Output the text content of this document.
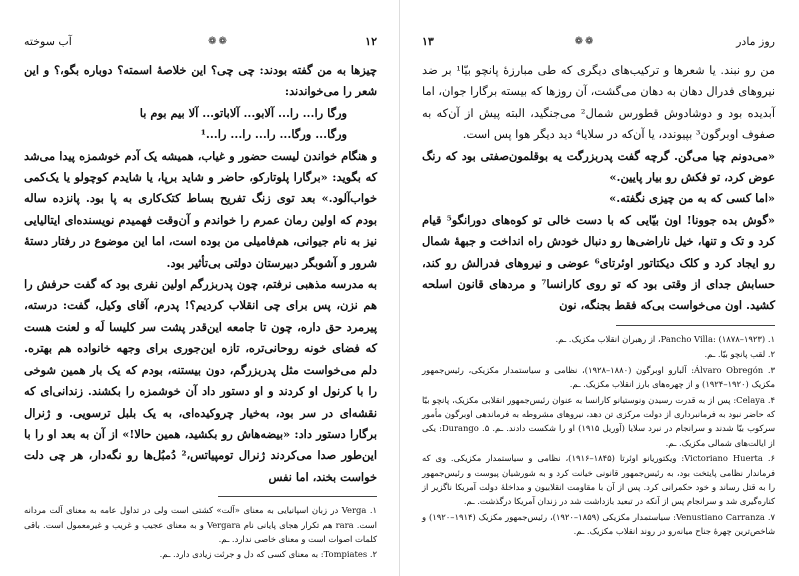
روز مادر
❁❁
۱۳

من رو نبند. یا شعرها و ترکیب‌های دیگری که طی مبارزهٔ پانچو بیّا¹ بر ضد نیروهای فدرال دهان به دهان می‌گشت، آن روزها که بیسته برگارا جوان، اما آبدیده بود و دوشادوش قطورس شمال² می‌جنگید، البته پیش از آن‌که به صفوف اوبرگون³ بپیوندد، یا آن‌که در سلایا⁴ دید دیگر هوا پس است.

«می‌دونم چیا می‌گن. گرچه گفت پدربزرگت یه بوقلمون‌صفتی بود که رنگ عوض کرد، تو فکش رو بیار پایین.»

«اما کسی که به من چیزی نگفته.»

«گوش بده جوونا! اون بیّایی که با دست خالی تو کوه‌های دورانگو⁵ قیام کرد و تک و تنها، خیل ناراضی‌ها رو دنبال خودش راه انداخت و جبههٔ شمال رو ایجاد کرد و کلک دیکتاتور اوئرتای⁶ عوضی و نیروهای فدرالش رو کند، حسابش جدای از وقتی بود که تو روی کارانسا⁷ و مردهای قانون اسلحه کشید. اون می‌خواست بی‌که فقط بجنگه، نون

۱. Pancho Villa: (۱۸۷۸–۱۹۲۳)، از رهبران انقلاب مکزیک. ـم.

۲. لقب پانچو بیّا. ـم.

۳. Álvaro Obregón: آلبارو اوبرگون (۱۸۸۰–۱۹۲۸)، نظامی و سیاستمدار مکزیکی، رئیس‌جمهور مکزیک (۱۹۲۰–۱۹۲۴) و از چهره‌های بارز انقلاب مکزیک. ـم.

۴. Celaya: پس از به قدرت رسیدن ونوستیانو کارانسا به عنوان رئیس‌جمهور انقلابی مکزیک، پانچو بیّا که حاضر نبود به فرمانبرداری از دولت مرکزی تن دهد، نیروهای مشروطه به فرماندهی اوبرگون مأمور سرکوب بیّا شدند و سرانجام در نبرد سلایا (آوریل ۱۹۱۵) او را شکست دادند. ـم. ۵. Durango: یکی از ایالت‌های شمالی مکزیک. ـم.

۶. Victoriano Huerta: ویکتوریانو اوئرتا (۱۸۴۵–۱۹۱۶)، نظامی و سیاستمدار مکزیکی. وی که فرماندار نظامی پایتخت بود، به رئیس‌جمهور قانونی خیانت کرد و به شورشیان پیوست و رئیس‌جمهور را به قتل رساند و خود حکمرانی کرد. پس از آن با مقاومت انقلابیون و مداخلهٔ دولت آمریکا ناگزیر از کناره‌گیری شد و سرانجام پس از آنکه در تبعید بازداشت شد در زندان آمریکا درگذشت. ـم.

۷. Venustiano Carranza: سیاستمدار مکزیکی (۱۸۵۹–۱۹۲۰)، رئیس‌جمهور مکزیک (۱۹۱۴–۱۹۲۰) و شاخص‌ترین چهرهٔ جناح میانه‌رو در روند انقلاب مکزیک. ـم.

۱۲
❁❁
آب سوخته

چیزها به من گفته بودند: چی چی؟ این خلاصهٔ اسمته؟ دوباره بگو،؟ و این شعر را می‌خواندند:

ورگا را... را... آلابو... آلاباتو... آلا بیم بوم با

ورگا... ورگا... را... را... را...¹

و هنگام خواندن لیست حضور و غیاب، همیشه یک آدم خوشمزه پیدا می‌شد که بگوید: «برگارا پلوتارکو، حاضر و شاید برپا، یا شایدم کوچولو یا یک‌کمی خواب‌آلود.» بعد توی زنگ تفریح بساط کتک‌کاری به پا بود. پانزده ساله بودم که اولین رمان عمرم را خواندم و آن‌وقت فهمیدم نویسنده‌ای ایتالیایی نیز به نام جیوانی، هم‌فامیلی من بوده است، اما این موضوع در رفتار دستهٔ شرور و آشوبگر دبیرستان دولتی بی‌تأثیر بود.

به مدرسه مذهبی نرفتم، چون پدربزرگم اولین نفری بود که گفت حرفش را هم نزن، پس برای چی انقلاب کردیم؟! پدرم، آقای وکیل، گفت: درسته، پیرمرد حق داره، چون تا جامعه این‌قدر پشت سر کلیسا لَه و لعنت هست که فضای خونه روحانی‌تره، تازه این‌جوری برای وجهه خانواده هم بهتره. دلم می‌خواست مثل پدربزرگم، دون بیستنه، بودم که یک بار همین شوخی را با کرنول او کردند و او دستور داد آن خوشمزه را بکشند. زندانی‌ای که نقشه‌ای در سر بود، به‌خیار چروکیده‌ای، به یک بلبل ترسویی. و ژنرال برگارا دستور داد: «بیضه‌هاش رو بکشید، همین حالا!» از آن به بعد او را با این‌طور صدا می‌کردند ژنرال تومپیاتس،² دُمبُل‌ها رو نگه‌دار، هر چی دلت خواست بخند، اما نفس

۱. Verga در زبان اسپانیایی به معنای «آلت» کشتی است ولی در تداول عامه به معنای آلت مردانه است. rara هم تکرار هجای پایانی نام Vergara و به معنای عجیب و غریب و غیرمعمول است. باقی کلمات اصوات است و معنای خاصی ندارد. ـم.

۲. Tompiates: به معنای کسی که دل و جرئت زیادی دارد. ـم.
